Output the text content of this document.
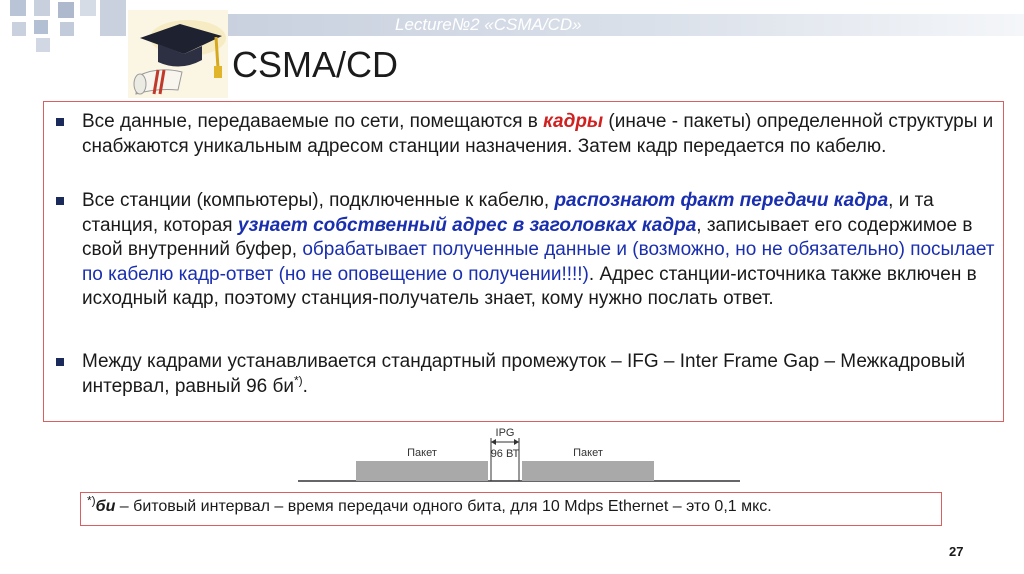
Lecture№2 «CSMA/CD»
CSMA/CD
Все данные, передаваемые по сети, помещаются в кадры (иначе - пакеты) определенной структуры и снабжаются уникальным адресом станции назначения. Затем кадр передается по кабелю.
Все станции (компьютеры), подключенные к кабелю, распознают факт передачи кадра, и та станция, которая узнает собственный адрес в заголовках кадра, записывает его содержимое в свой внутренний буфер, обрабатывает полученные данные и (возможно, но не обязательно) посылает по кабелю кадр-ответ (но не оповещение о получении!!!!). Адрес станции-источника также включен в исходный кадр, поэтому станция-получатель знает, кому нужно послать ответ.
Между кадрами устанавливается стандартный промежуток – IFG – Inter Frame Gap – Межкадровый интервал, равный 96 би*).
Пакет	Пакет
IPG
96 ВТ
*)би – битовый интервал – время передачи одного бита, для 10 Mdps Ethernet – это 0,1 мкс.
27
